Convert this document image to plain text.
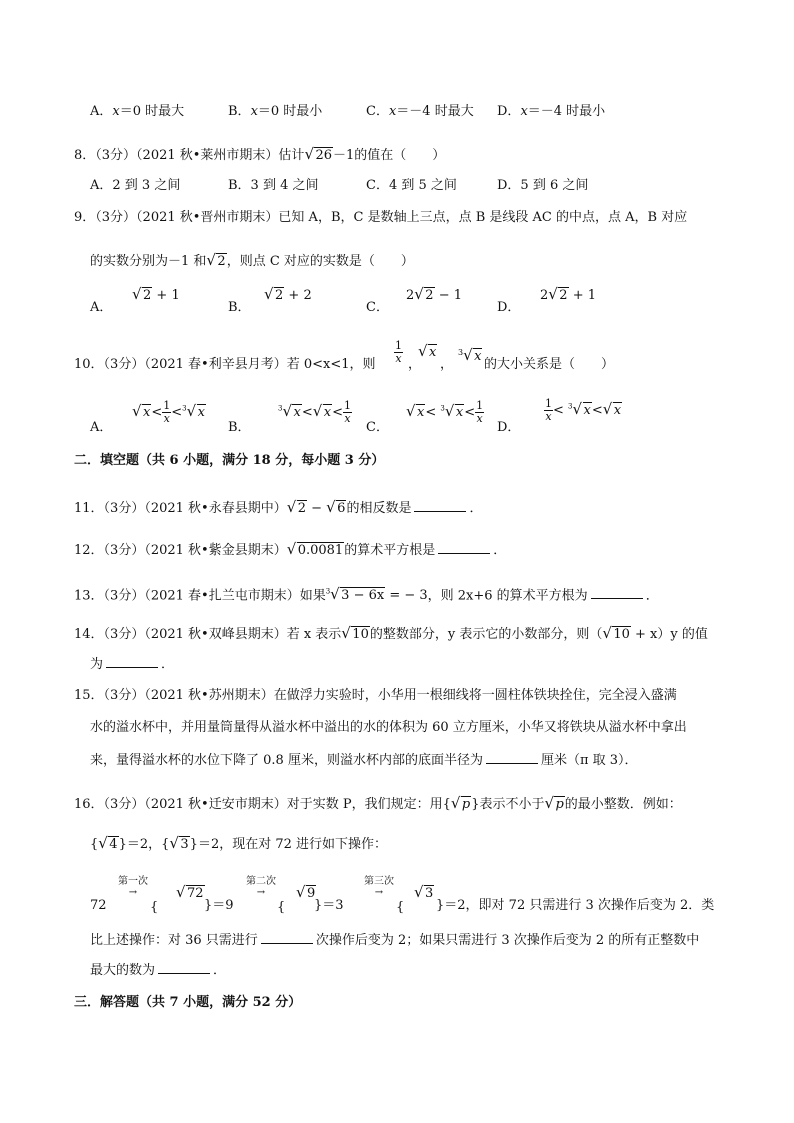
A．x＝0 时最大	B．x＝0 时最小	C．x＝－4 时最大 D．x＝－4 时最小
8．（3分）（2021 秋•莱州市期末）估计√ 26－1的值在（　　）
A．2 到 3 之间	B．3 到 4 之间	C．4 到 5 之间	D．5 到 6 之间
9．（3分）（2021 秋•晋州市期末）已知 A，B，C 是数轴上三点，点 B 是线段 AC 的中点，点 A，B 对应
的实数分别为－1 和√ 2，则点 C 对应的实数是（　　）
A．
√ 2 + 1
B．
√ 2 + 2
C．
2√ 2 − 1
D．
2√ 2 + 1
10．（3分）（2021 春•利辛县月考）若 0<x<1，则 $\frac{1}{x}$ ，
√ x
，
$^3$√ x
的大小关系是（　　）
A．
√ $x< \frac{1}{x} <^3√$ x
B．
$^3$√ x<√ $x< \frac{1}{x}$
C．
√ x< $^3$√ $x< \frac{1}{x}$
D．
$\frac{1}{x} < ^3√$ x<√ x
二．填空题（共 6 小题，满分 18 分，每小题 3 分）
11．（3分）（2021 秋•永春县期中）√ 2 − √ 6的相反数是	．
12．（3分）（2021 秋•紫金县期末）√ 0.0081的算术平方根是	．
13．（3分）（2021 春•扎兰屯市期末）如果$^3$√ 3 − 6x = − 3，则 2x+6 的算术平方根为	．
14．（3分）（2021 秋•双峰县期末）若 x 表示√ 10的整数部分，y 表示它的小数部分，则（√ 10 + x）y 的值
为	．
15．（3分）（2021 秋•苏州期末）在做浮力实验时，小华用一根细线将一圆柱体铁块拴住，完全浸入盛满
水的溢水杯中，并用量筒量得从溢水杯中溢出的水的体积为 60 立方厘米，小华又将铁块从溢水杯中拿出
来，量得溢水杯的水位下降了 0.8 厘米，则溢水杯内部的底面半径为	厘米（π 取 3）．
16．（3分）（2021 秋•迁安市期末）对于实数 P，我们规定：用{√ p}表示不小于√ p的最小整数．例如：
{√ 4}＝2，{√ 3}＝2，现在对 72 进行如下操作：
72
第一次
→
{
√ 72
}＝9
第二次
→
{
√ 9
}＝3
第三次
→
{
√ 3
}＝2，即对 72 只需进行 3 次操作后变为 2．类
比上述操作：对 36 只需进行	次操作后变为 2；如果只需进行 3 次操作后变为 2 的所有正整数中
最大的数为	．
三．解答题（共 7 小题，满分 52 分）
